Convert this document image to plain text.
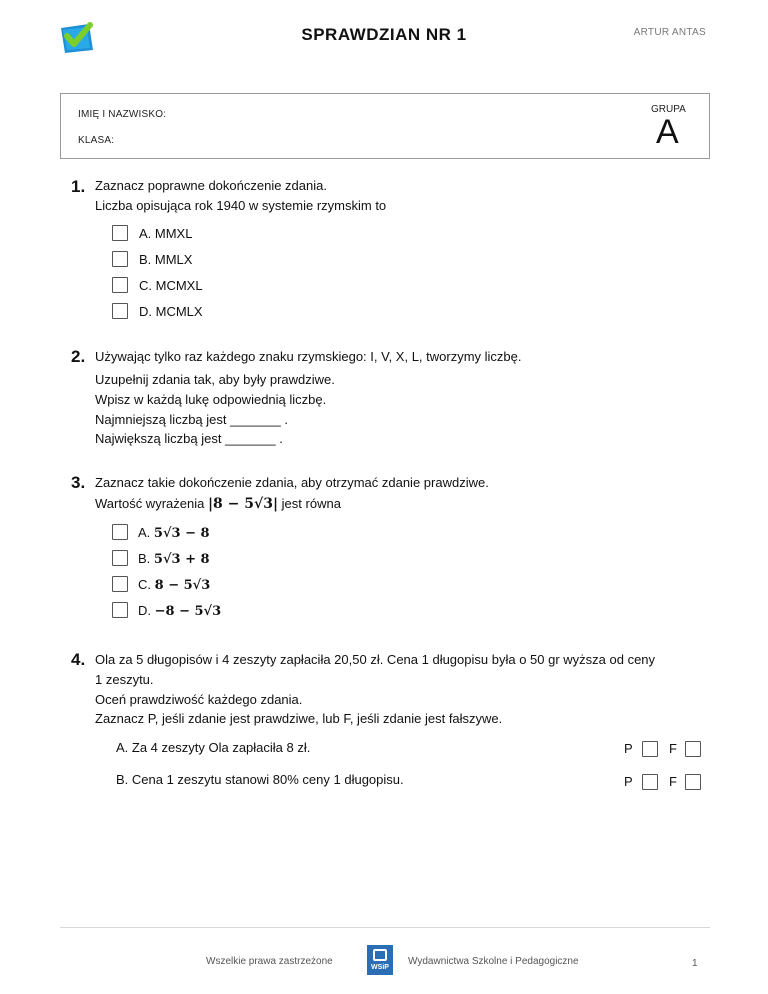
SPRAWDZIAN NR 1	ARTUR ANTAS
IMIĘ I NAZWISKO:
KLASA:
GRUPA
A
1. Zaznacz poprawne dokończenie zdania.
Liczba opisująca rok 1940 w systemie rzymskim to
A. MMXL
B. MMLX
C. MCMXL
D. MCMLX
2. Używając tylko raz każdego znaku rzymskiego: I, V, X, L, tworzymy liczbę.
Uzupełnij zdania tak, aby były prawdziwe.
Wpisz w każdą lukę odpowiednią liczbę.
Najmniejszą liczbą jest _______ .
Największą liczbą jest _______ .
3. Zaznacz takie dokończenie zdania, aby otrzymać zdanie prawdziwe.
Wartość wyrażenia |8 − 5√3| jest równa
A. 5√3 − 8
B. 5√3 + 8
C. 8 − 5√3
D. −8 − 5√3
4. Ola za 5 długopisów i 4 zeszyty zapłaciła 20,50 zł. Cena 1 długopisu była o 50 gr wyższa od ceny
1 zeszytu.
Oceń prawdziwość każdego zdania.
Zaznacz P, jeśli zdanie jest prawdziwe, lub F, jeśli zdanie jest fałszywe.
A. Za 4 zeszyty Ola zapłaciła 8 zł.	P	F
B. Cena 1 zeszytu stanowi 80% ceny 1 długopisu.	P	F
Wszelkie prawa zastrzeżone
WSiP
Wydawnictwa Szkolne i Pedagogiczne	1
